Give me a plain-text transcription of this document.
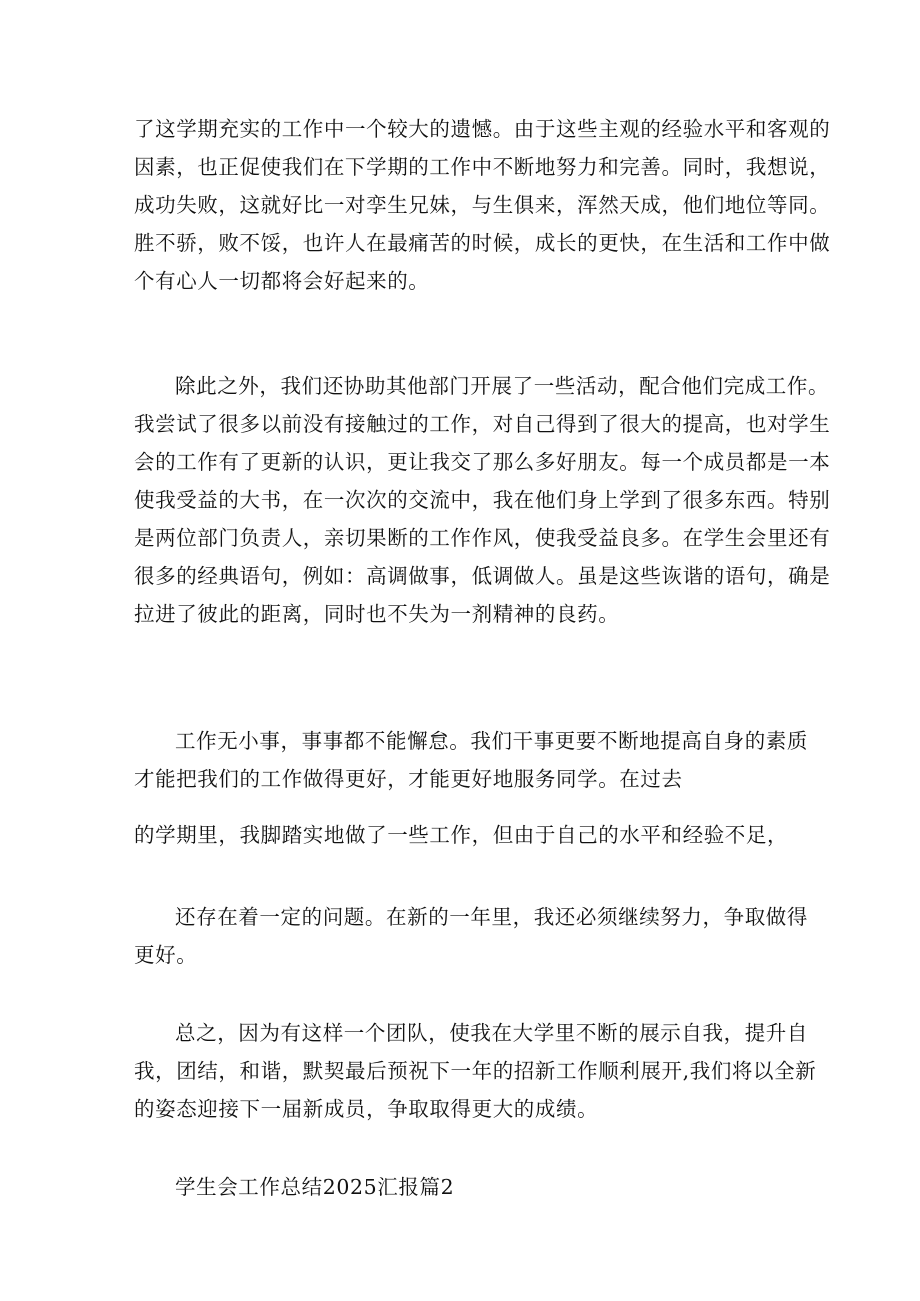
了这学期充实的工作中一个较大的遗憾。由于这些主观的经验水平和客观的
因素，也正促使我们在下学期的工作中不断地努力和完善。同时，我想说，
成功失败，这就好比一对孪生兄妹，与生俱来，浑然天成，他们地位等同。
胜不骄，败不馁，也许人在最痛苦的时候，成长的更快，在生活和工作中做
个有心人一切都将会好起来的。
除此之外，我们还协助其他部门开展了一些活动，配合他们完成工作。
我尝试了很多以前没有接触过的工作，对自己得到了很大的提高，也对学生
会的工作有了更新的认识，更让我交了那么多好朋友。每一个成员都是一本
使我受益的大书，在一次次的交流中，我在他们身上学到了很多东西。特别
是两位部门负责人，亲切果断的工作作风，使我受益良多。在学生会里还有
很多的经典语句，例如：高调做事，低调做人。虽是这些诙谐的语句，确是
拉进了彼此的距离，同时也不失为一剂精神的良药。
工作无小事，事事都不能懈怠。我们干事更要不断地提高自身的素质
才能把我们的工作做得更好，才能更好地服务同学。在过去
的学期里，我脚踏实地做了一些工作，但由于自己的水平和经验不足，
还存在着一定的问题。在新的一年里，我还必须继续努力，争取做得
更好。
总之，因为有这样一个团队，使我在大学里不断的展示自我，提升自
我，团结，和谐，默契最后预祝下一年的招新工作顺利展开,我们将以全新
的姿态迎接下一届新成员，争取取得更大的成绩。
学生会工作总结2025汇报篇2
